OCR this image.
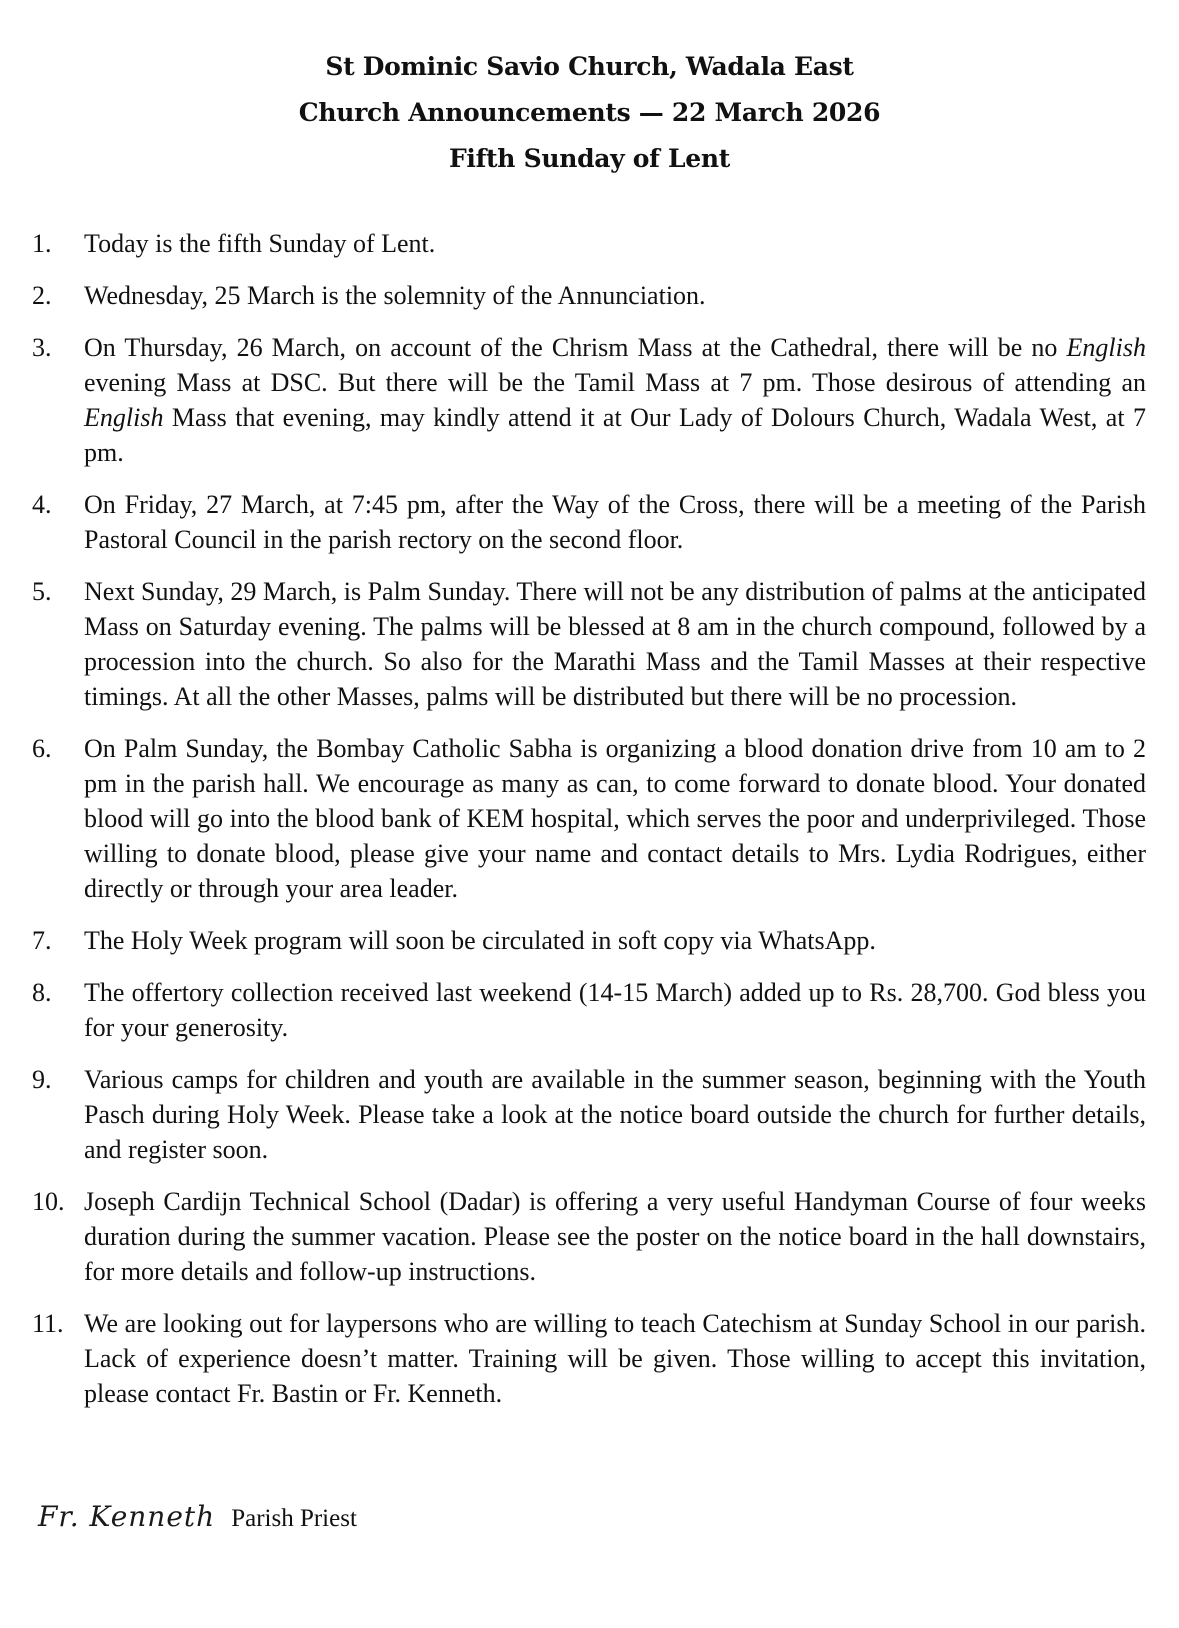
St Dominic Savio Church, Wadala East
Church Announcements — 22 March 2026
Fifth Sunday of Lent
1.	Today is the fifth Sunday of Lent.
2.	Wednesday, 25 March is the solemnity of the Annunciation.
3.	On Thursday, 26 March, on account of the Chrism Mass at the Cathedral, there will be no English evening Mass at DSC. But there will be the Tamil Mass at 7 pm. Those desirous of attending an English Mass that evening, may kindly attend it at Our Lady of Dolours Church, Wadala West, at 7 pm.
4.	On Friday, 27 March, at 7:45 pm, after the Way of the Cross, there will be a meeting of the Parish Pastoral Council in the parish rectory on the second floor.
5.	Next Sunday, 29 March, is Palm Sunday. There will not be any distribution of palms at the anticipated Mass on Saturday evening. The palms will be blessed at 8 am in the church compound, followed by a procession into the church. So also for the Marathi Mass and the Tamil Masses at their respective timings. At all the other Masses, palms will be distributed but there will be no procession.
6.	On Palm Sunday, the Bombay Catholic Sabha is organizing a blood donation drive from 10 am to 2 pm in the parish hall. We encourage as many as can, to come forward to donate blood. Your donated blood will go into the blood bank of KEM hospital, which serves the poor and underprivileged. Those willing to donate blood, please give your name and contact details to Mrs. Lydia Rodrigues, either directly or through your area leader.
7.	The Holy Week program will soon be circulated in soft copy via WhatsApp.
8.	The offertory collection received last weekend (14-15 March) added up to Rs. 28,700. God bless you for your generosity.
9.	Various camps for children and youth are available in the summer season, beginning with the Youth Pasch during Holy Week. Please take a look at the notice board outside the church for further details, and register soon.
10. Joseph Cardijn Technical School (Dadar) is offering a very useful Handyman Course of four weeks duration during the summer vacation. Please see the poster on the notice board in the hall downstairs, for more details and follow-up instructions.
11. We are looking out for laypersons who are willing to teach Catechism at Sunday School in our parish. Lack of experience doesn’t matter. Training will be given. Those willing to accept this invitation, please contact Fr. Bastin or Fr. Kenneth.
Fr. Kenneth Parish Priest
